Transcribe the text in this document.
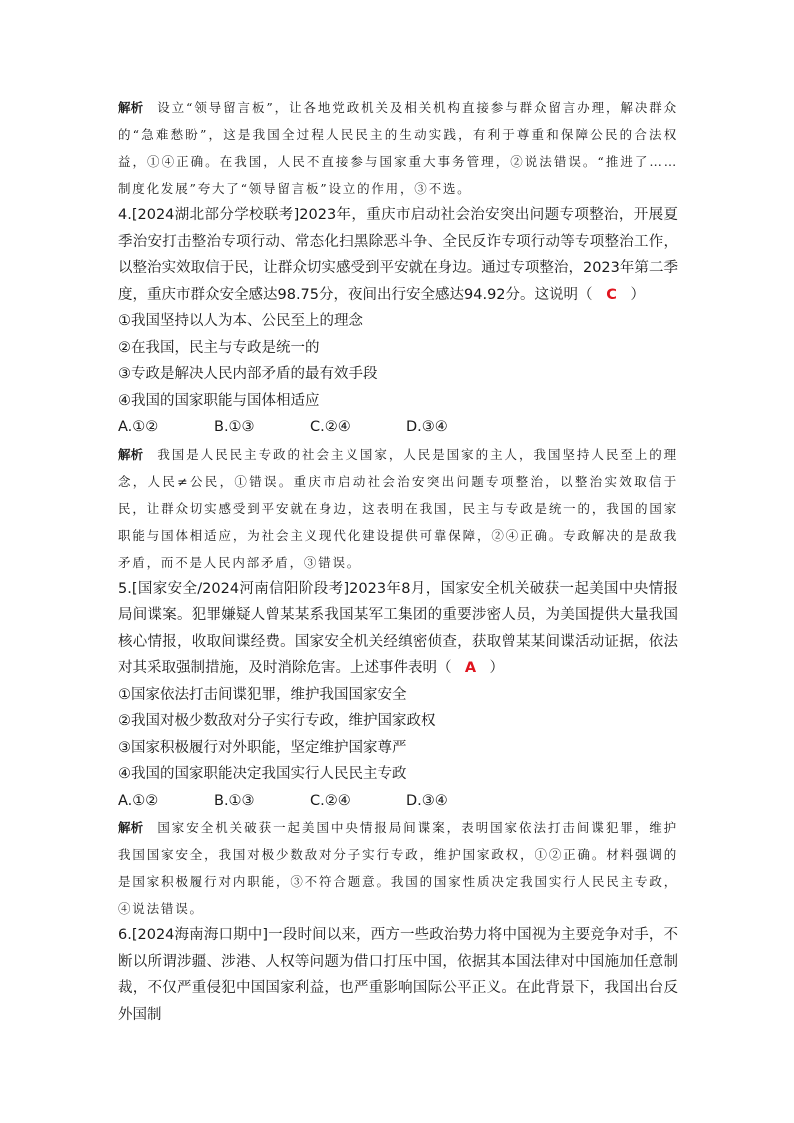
解析 设立“领导留言板”，让各地党政机关及相关机构直接参与群众留言办理，解决群众的“急难愁盼”，这是我国全过程人民民主的生动实践，有利于尊重和保障公民的合法权益，①④正确。在我国，人民不直接参与国家重大事务管理，②说法错误。“推进了……制度化发展”夸大了“领导留言板”设立的作用，③不选。

4.[2024湖北部分学校联考]2023年，重庆市启动社会治安突出问题专项整治，开展夏季治安打击整治专项行动、常态化扫黑除恶斗争、全民反诈专项行动等专项整治工作，以整治实效取信于民，让群众切实感受到平安就在身边。通过专项整治，2023年第二季度，重庆市群众安全感达98.75分，夜间出行安全感达94.92分。这说明（ C ）

①我国坚持以人为本、公民至上的理念

②在我国，民主与专政是统一的

③专政是解决人民内部矛盾的最有效手段

④我国的国家职能与国体相适应

A.①②	B.①③	C.②④	D.③④

解析 我国是人民民主专政的社会主义国家，人民是国家的主人，我国坚持人民至上的理念，人民≠公民，①错误。重庆市启动社会治安突出问题专项整治，以整治实效取信于民，让群众切实感受到平安就在身边，这表明在我国，民主与专政是统一的，我国的国家职能与国体相适应，为社会主义现代化建设提供可靠保障，②④正确。专政解决的是敌我矛盾，而不是人民内部矛盾，③错误。

5.[国家安全/2024河南信阳阶段考]2023年8月，国家安全机关破获一起美国中央情报局间谍案。犯罪嫌疑人曾某某系我国某军工集团的重要涉密人员，为美国提供大量我国核心情报，收取间谍经费。国家安全机关经缜密侦查，获取曾某某间谍活动证据，依法对其采取强制措施，及时消除危害。上述事件表明（ A ）

①国家依法打击间谍犯罪，维护我国国家安全

②我国对极少数敌对分子实行专政，维护国家政权

③国家积极履行对外职能，坚定维护国家尊严

④我国的国家职能决定我国实行人民民主专政

A.①②	B.①③	C.②④	D.③④

解析 国家安全机关破获一起美国中央情报局间谍案，表明国家依法打击间谍犯罪，维护我国国家安全，我国对极少数敌对分子实行专政，维护国家政权，①②正确。材料强调的是国家积极履行对内职能，③不符合题意。我国的国家性质决定我国实行人民民主专政，④说法错误。

6.[2024海南海口期中]一段时间以来，西方一些政治势力将中国视为主要竞争对手，不断以所谓涉疆、涉港、人权等问题为借口打压中国，依据其本国法律对中国施加任意制裁，不仅严重侵犯中国国家利益，也严重影响国际公平正义。在此背景下，我国出台反外国制
